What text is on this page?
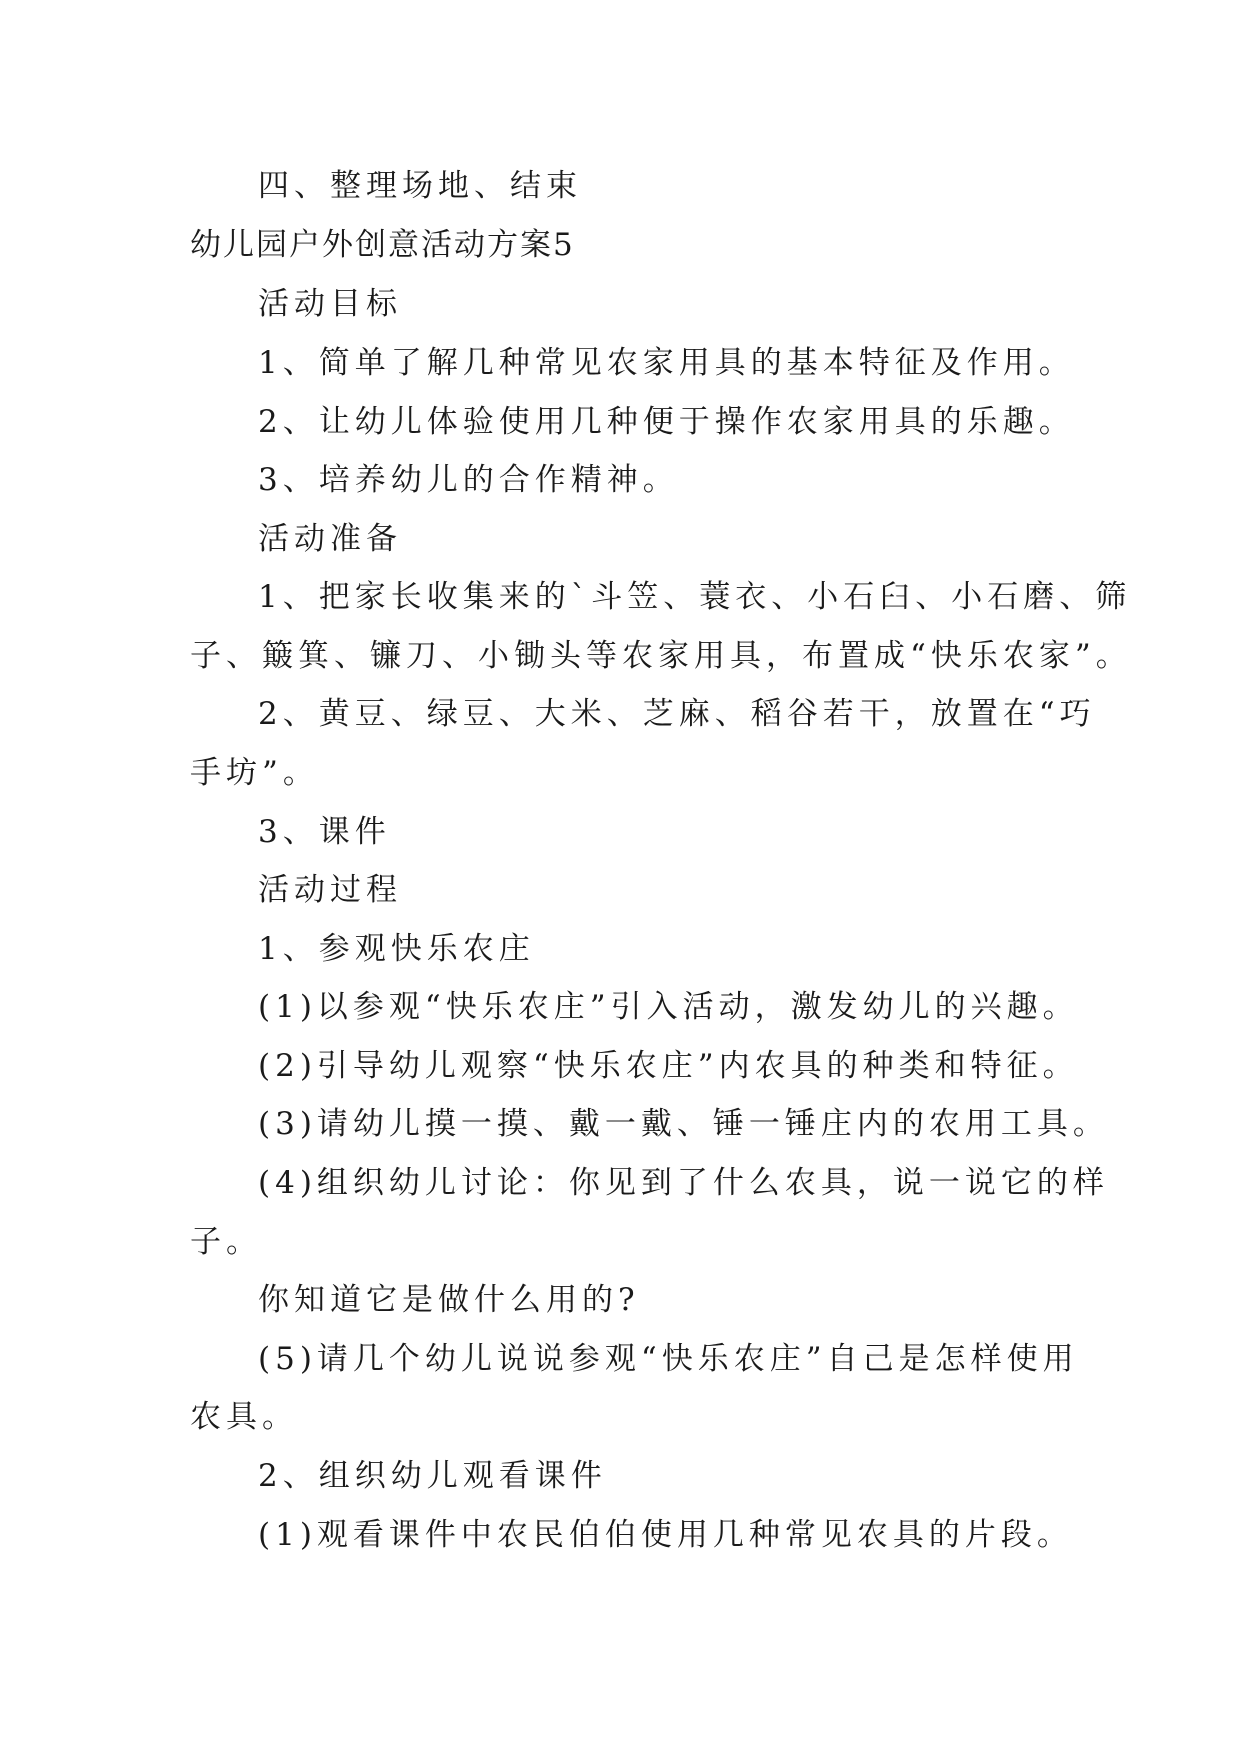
四、整理场地、结束

幼儿园户外创意活动方案5

活动目标

1、简单了解几种常见农家用具的基本特征及作用。

2、让幼儿体验使用几种便于操作农家用具的乐趣。

3、培养幼儿的合作精神。

活动准备

1、把家长收集来的`斗笠、蓑衣、小石臼、小石磨、筛

子、簸箕、镰刀、小锄头等农家用具，布置成“快乐农家”。

2、黄豆、绿豆、大米、芝麻、稻谷若干，放置在“巧

手坊”。

3、课件

活动过程

1、参观快乐农庄

(1)以参观“快乐农庄”引入活动，激发幼儿的兴趣。

(2)引导幼儿观察“快乐农庄”内农具的种类和特征。

(3)请幼儿摸一摸、戴一戴、锤一锤庄内的农用工具。

(4)组织幼儿讨论：你见到了什么农具，说一说它的样

子。

你知道它是做什么用的?

(5)请几个幼儿说说参观“快乐农庄”自己是怎样使用

农具。

2、组织幼儿观看课件

(1)观看课件中农民伯伯使用几种常见农具的片段。
